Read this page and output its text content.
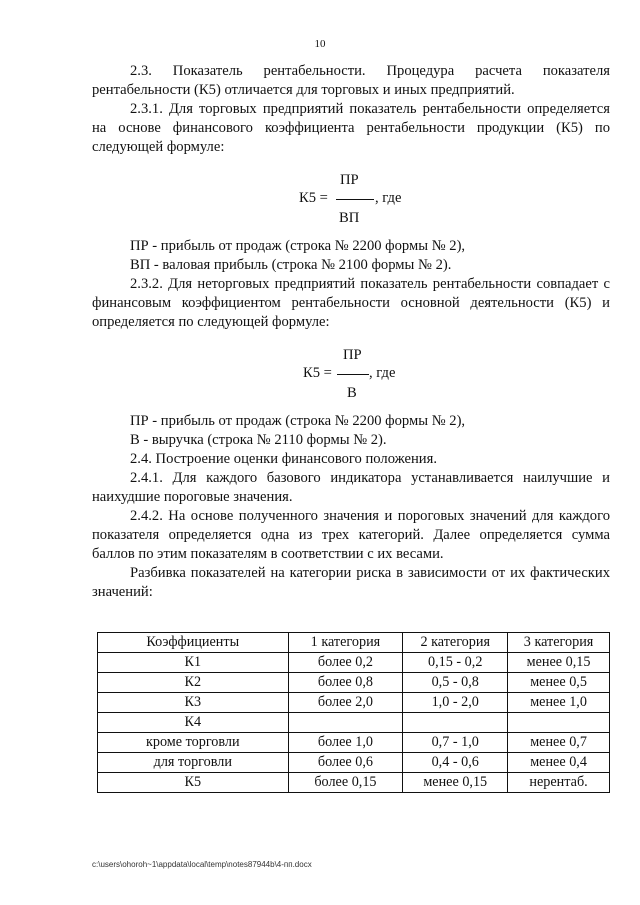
10

2.3. Показатель рентабельности. Процедура расчета показателя рентабельности (К5) отличается для торговых и иных предприятий.

2.3.1. Для торговых предприятий показатель рентабельности определяется на основе финансового коэффициента рентабельности продукции (К5) по следующей формуле:

ПР
К5 =	, где
ВП

ПР - прибыль от продаж (строка № 2200 формы № 2),

ВП - валовая прибыль (строка № 2100 формы № 2).

2.3.2. Для неторговых предприятий показатель рентабельности совпадает с финансовым коэффициентом рентабельности основной деятельности (К5) и определяется по следующей формуле:

ПР
К5 =	, где
В

ПР - прибыль от продаж (строка № 2200 формы № 2),

В - выручка (строка № 2110 формы № 2).

2.4. Построение оценки финансового положения.

2.4.1. Для каждого базового индикатора устанавливается наилучшие и наихудшие пороговые значения.

2.4.2. На основе полученного значения и пороговых значений для каждого показателя определяется одна из трех категорий. Далее определяется сумма баллов по этим показателям в соответствии с их весами.

Разбивка показателей на категории риска в зависимости от их фактических значений:

Коэффициенты	1 категория	2 категория	3 категория
К1	более 0,2	0,15 - 0,2	менее 0,15
К2	более 0,8	0,5 - 0,8	менее 0,5
К3	более 2,0	1,0 - 2,0	менее 1,0
К4			
кроме торговли	более 1,0	0,7 - 1,0	менее 0,7
для торговли	более 0,6	0,4 - 0,6	менее 0,4
К5	более 0,15	менее 0,15	нерентаб.
c:\users\ohoroh~1\appdata\local\temp\notes87944b\4-пп.docx
